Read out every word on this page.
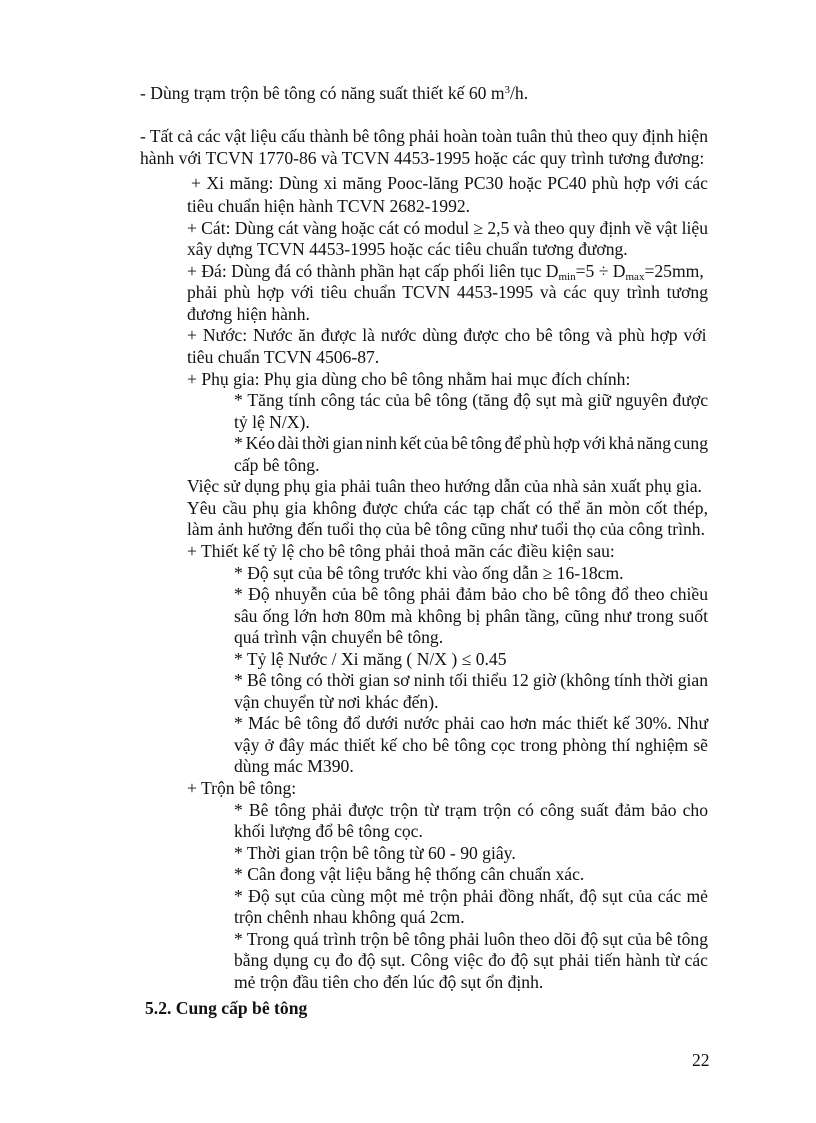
- Dùng trạm trộn bê tông có năng suất thiết kế 60 $m^3/h$.
- Tất cả các vật liệu cấu thành bê tông phải hoàn toàn tuân thủ theo quy định hiện
hành với TCVN 1770-86 và TCVN 4453-1995 hoặc các quy trình tương đương:
+ Xi măng: Dùng xi măng Pooc-lăng PC30 hoặc PC40 phù hợp với các
tiêu chuẩn hiện hành TCVN 2682-1992.
+ Cát: Dùng cát vàng hoặc cát có modul ≥ 2,5 và theo quy định về vật liệu
xây dựng TCVN 4453-1995 hoặc các tiêu chuẩn tương đương.
+ Đá: Dùng đá có thành phần hạt cấp phối liên tục $D_{min}=5 \div D_{max}=25mm$,
phải phù hợp với tiêu chuẩn TCVN 4453-1995 và các quy trình tương
đương hiện hành.
+ Nước: Nước ăn được là nước dùng được cho bê tông và phù hợp với
tiêu chuẩn TCVN 4506-87.
+ Phụ gia: Phụ gia dùng cho bê tông nhằm hai mục đích chính:
* Tăng tính công tác của bê tông (tăng độ sụt mà giữ nguyên được
tỷ lệ N/X).
* Kéo dài thời gian ninh kết của bê tông để phù hợp với khả năng cung
cấp bê tông.
Việc sử dụng phụ gia phải tuân theo hướng dẫn của nhà sản xuất phụ gia.
Yêu cầu phụ gia không được chứa các tạp chất có thể ăn mòn cốt thép,
làm ảnh hưởng đến tuổi thọ của bê tông cũng như tuổi thọ của công trình.
+ Thiết kế tỷ lệ cho bê tông phải thoả mãn các điều kiện sau:
* Độ sụt của bê tông trước khi vào ống dẫn ≥ 16-18cm.
* Độ nhuyễn của bê tông phải đảm bảo cho bê tông đổ theo chiều
sâu ống lớn hơn 80m mà không bị phân tầng, cũng như trong suốt
quá trình vận chuyển bê tông.
* Tỷ lệ Nước / Xi măng ( N/X ) ≤ 0.45
* Bê tông có thời gian sơ ninh tối thiểu 12 giờ (không tính thời gian
vận chuyển từ nơi khác đến).
* Mác bê tông đổ dưới nước phải cao hơn mác thiết kế 30%. Như
vậy ở đây mác thiết kế cho bê tông cọc trong phòng thí nghiệm sẽ
dùng mác M390.
+ Trộn bê tông:
* Bê tông phải được trộn từ trạm trộn có công suất đảm bảo cho
khối lượng đổ bê tông cọc.
* Thời gian trộn bê tông từ 60 - 90 giây.
* Cân đong vật liệu bằng hệ thống cân chuẩn xác.
* Độ sụt của cùng một mẻ trộn phải đồng nhất, độ sụt của các mẻ
trộn chênh nhau không quá 2cm.
* Trong quá trình trộn bê tông phải luôn theo dõi độ sụt của bê tông
bằng dụng cụ đo độ sụt. Công việc đo độ sụt phải tiến hành từ các
mẻ trộn đầu tiên cho đến lúc độ sụt ổn định.
5.2. Cung cấp bê tông
22
